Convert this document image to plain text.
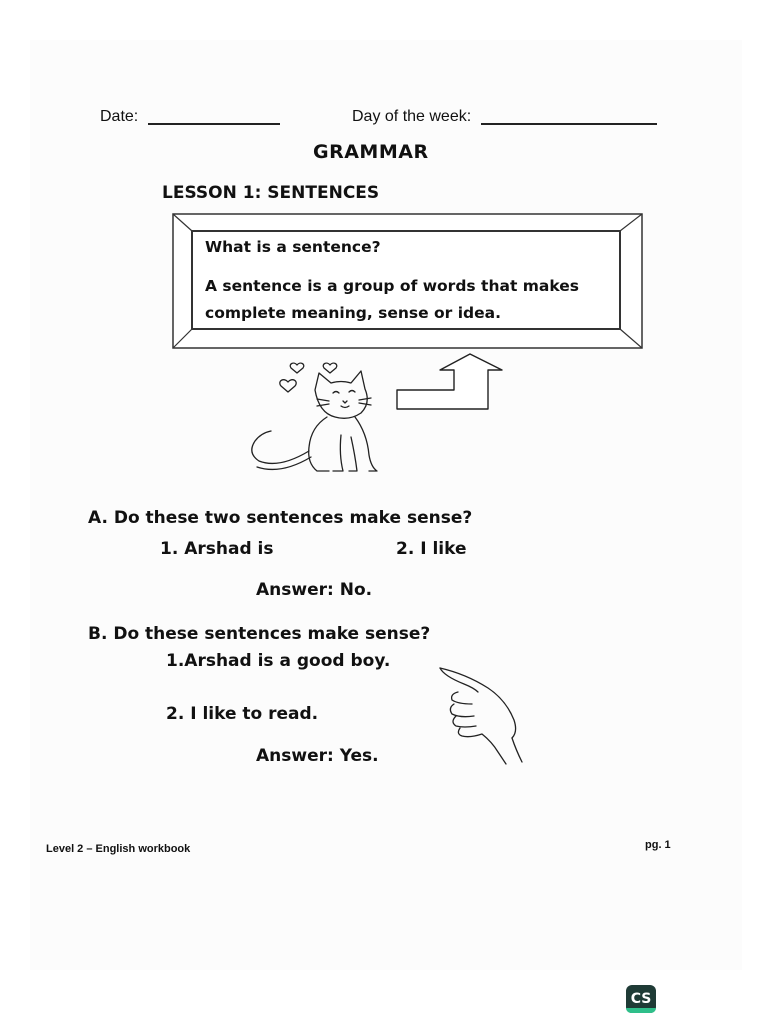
Date:	Day of the week:
GRAMMAR
LESSON 1: SENTENCES
What is a sentence?
A sentence is a group of words that makes
complete meaning, sense or idea.
A. Do these two sentences make sense?
1. Arshad is	2. I like
Answer: No.
B. Do these sentences make sense?
1.Arshad is a good boy.
2. I like to read.
Answer: Yes.
Level 2 – English workbook	pg. 1
CS
